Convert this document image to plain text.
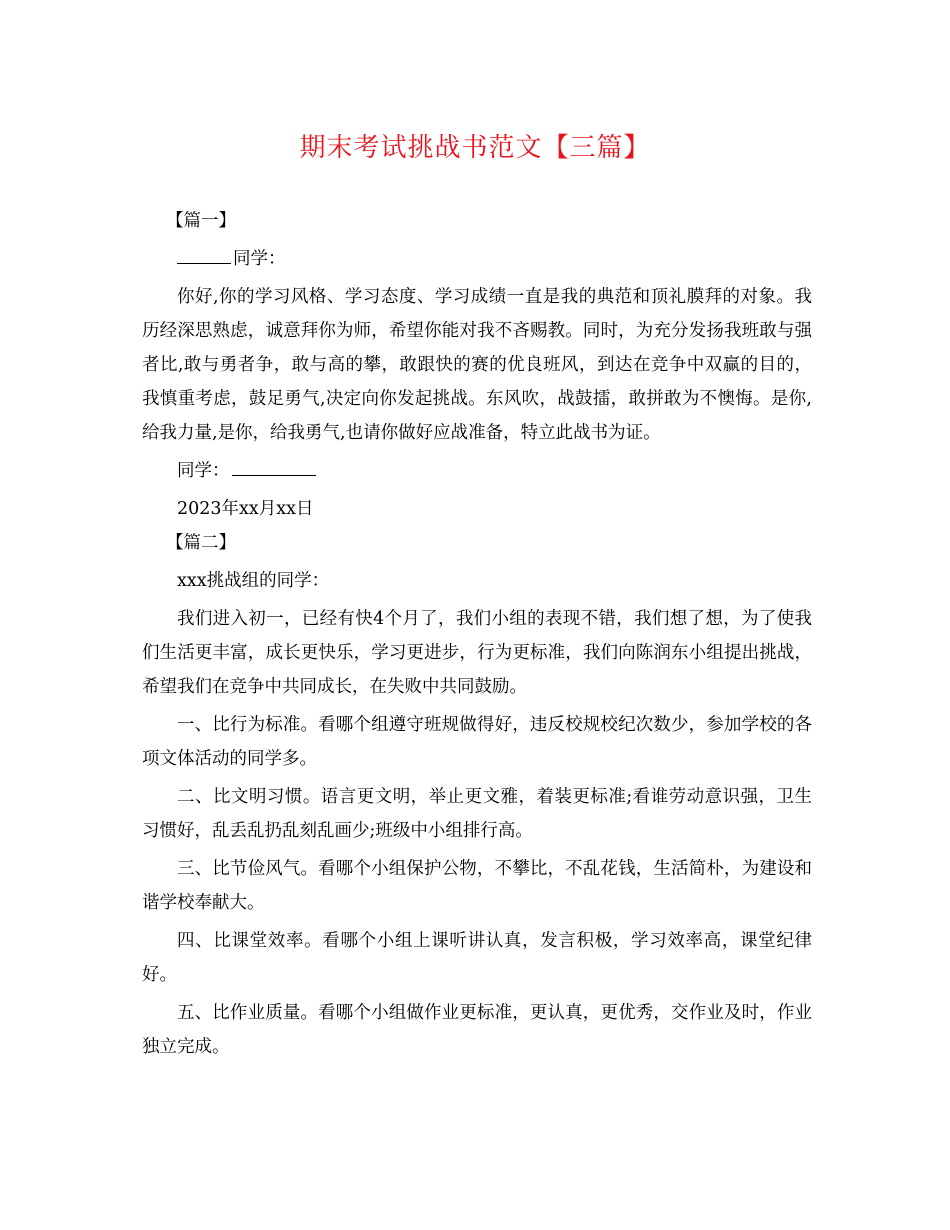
期末考试挑战书范文【三篇】

【篇一】

同学：

你好,你的学习风格、学习态度、学习成绩一直是我的典范和顶礼膜拜的对象。我历经深思熟虑，诚意拜你为师，希望你能对我不吝赐教。同时，为充分发扬我班敢与强者比,敢与勇者争，敢与高的攀，敢跟快的赛的优良班风，到达在竞争中双赢的目的，我慎重考虑，鼓足勇气,决定向你发起挑战。东风吹，战鼓擂，敢拼敢为不懊悔。是你,给我力量,是你，给我勇气,也请你做好应战准备，特立此战书为证。

同学：

2023年xx月xx日

【篇二】

xxx挑战组的同学：

我们进入初一，已经有快4个月了，我们小组的表现不错，我们想了想，为了使我们生活更丰富，成长更快乐，学习更进步，行为更标准，我们向陈润东小组提出挑战，希望我们在竞争中共同成长，在失败中共同鼓励。

一、比行为标准。看哪个组遵守班规做得好，违反校规校纪次数少，参加学校的各项文体活动的同学多。

二、比文明习惯。语言更文明，举止更文雅，着装更标准;看谁劳动意识强，卫生习惯好，乱丢乱扔乱刻乱画少;班级中小组排行高。

三、比节俭风气。看哪个小组保护公物，不攀比，不乱花钱，生活简朴，为建设和谐学校奉献大。

四、比课堂效率。看哪个小组上课听讲认真，发言积极，学习效率高，课堂纪律好。

五、比作业质量。看哪个小组做作业更标准，更认真，更优秀，交作业及时，作业独立完成。
